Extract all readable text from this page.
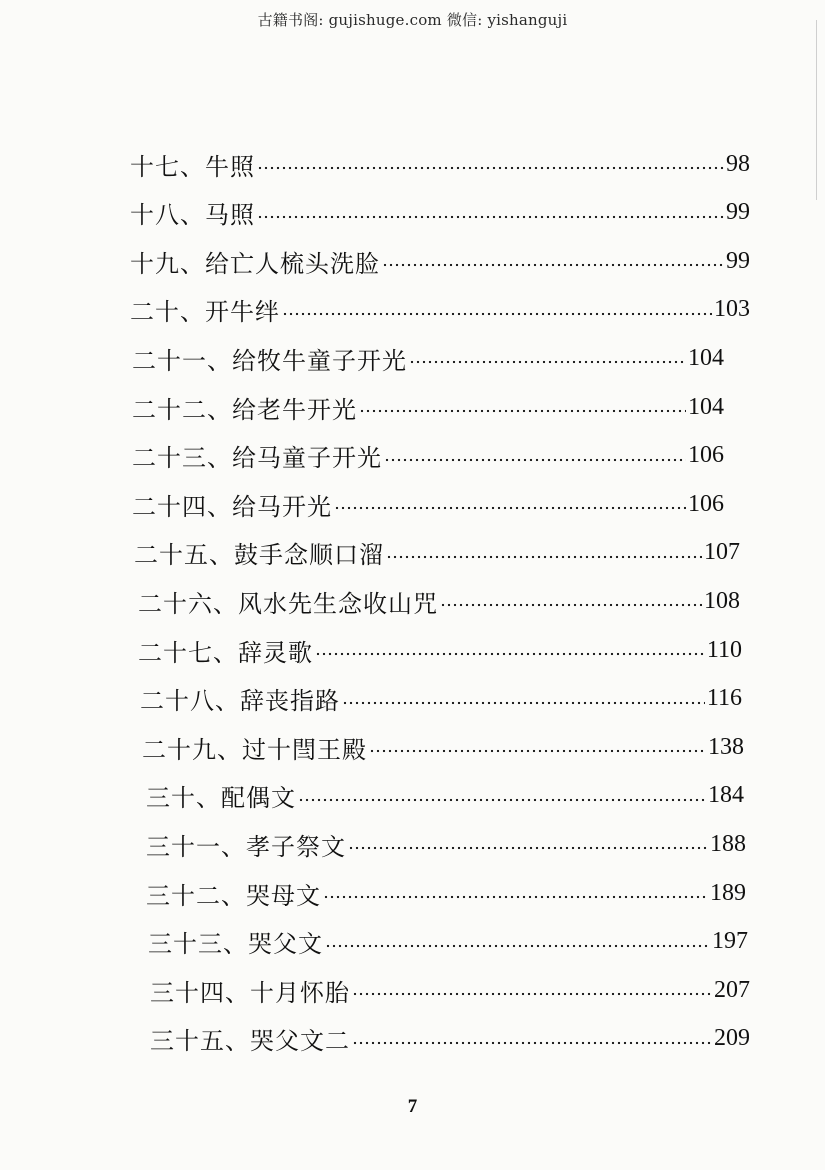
古籍书阁: gujishuge.com 微信: yishanguji
十七、牛照	98
十八、马照	99
十九、给亡人梳头洗脸	99
二十、开牛绊	103
二十一、给牧牛童子开光	104
二十二、给老牛开光	104
二十三、给马童子开光	106
二十四、给马开光	106
二十五、鼓手念顺口溜	107
二十六、风水先生念收山咒	108
二十七、辞灵歌	110
二十八、辞丧指路	116
二十九、过十閆王殿	138
三十、配偶文	184
三十一、孝子祭文	188
三十二、哭母文	189
三十三、哭父文	197
三十四、十月怀胎	207
三十五、哭父文二	209
7
